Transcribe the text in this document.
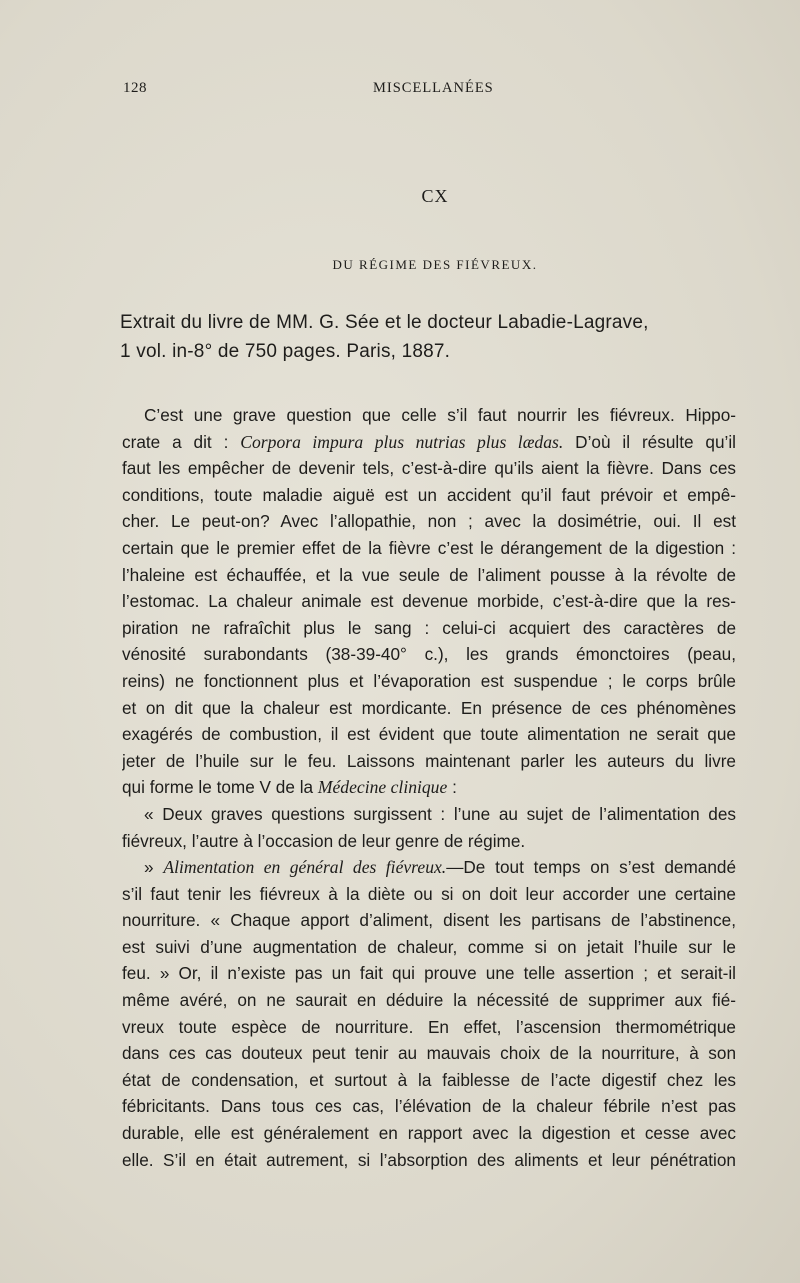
128	MISCELLANÉES
CX
DU RÉGIME DES FIÉVREUX.
Extrait du livre de MM. G. Sée et le docteur Labadie-Lagrave,
1 vol. in-8° de 750 pages. Paris, 1887.
C’est une grave question que celle s’il faut nourrir les fiévreux. Hippo-
crate a dit : Corpora impura plus nutrias plus lædas. D’où il résulte qu’il
faut les empêcher de devenir tels, c’est-à-dire qu’ils aient la fièvre. Dans ces
conditions, toute maladie aiguë est un accident qu’il faut prévoir et empê-
cher. Le peut-on? Avec l’allopathie, non ; avec la dosimétrie, oui. Il est
certain que le premier effet de la fièvre c’est le dérangement de la digestion :
l’haleine est échauffée, et la vue seule de l’aliment pousse à la révolte de
l’estomac. La chaleur animale est devenue morbide, c’est-à-dire que la res-
piration ne rafraîchit plus le sang : celui-ci acquiert des caractères de
vénosité surabondants (38-39-40° c.), les grands émonctoires (peau,
reins) ne fonctionnent plus et l’évaporation est suspendue ; le corps brûle
et on dit que la chaleur est mordicante. En présence de ces phénomènes
exagérés de combustion, il est évident que toute alimentation ne serait que
jeter de l’huile sur le feu. Laissons maintenant parler les auteurs du livre
qui forme le tome V de la Médecine clinique :
« Deux graves questions surgissent : l’une au sujet de l’alimentation des
fiévreux, l’autre à l’occasion de leur genre de régime.
» Alimentation en général des fiévreux.—De tout temps on s’est demandé
s’il faut tenir les fiévreux à la diète ou si on doit leur accorder une certaine
nourriture. « Chaque apport d’aliment, disent les partisans de l’abstinence,
est suivi d’une augmentation de chaleur, comme si on jetait l’huile sur le
feu. » Or, il n’existe pas un fait qui prouve une telle assertion ; et serait-il
même avéré, on ne saurait en déduire la nécessité de supprimer aux fié-
vreux toute espèce de nourriture. En effet, l’ascension thermométrique
dans ces cas douteux peut tenir au mauvais choix de la nourriture, à son
état de condensation, et surtout à la faiblesse de l’acte digestif chez les
fébricitants. Dans tous ces cas, l’élévation de la chaleur fébrile n’est pas
durable, elle est généralement en rapport avec la digestion et cesse avec
elle. S’il en était autrement, si l’absorption des aliments et leur pénétration
